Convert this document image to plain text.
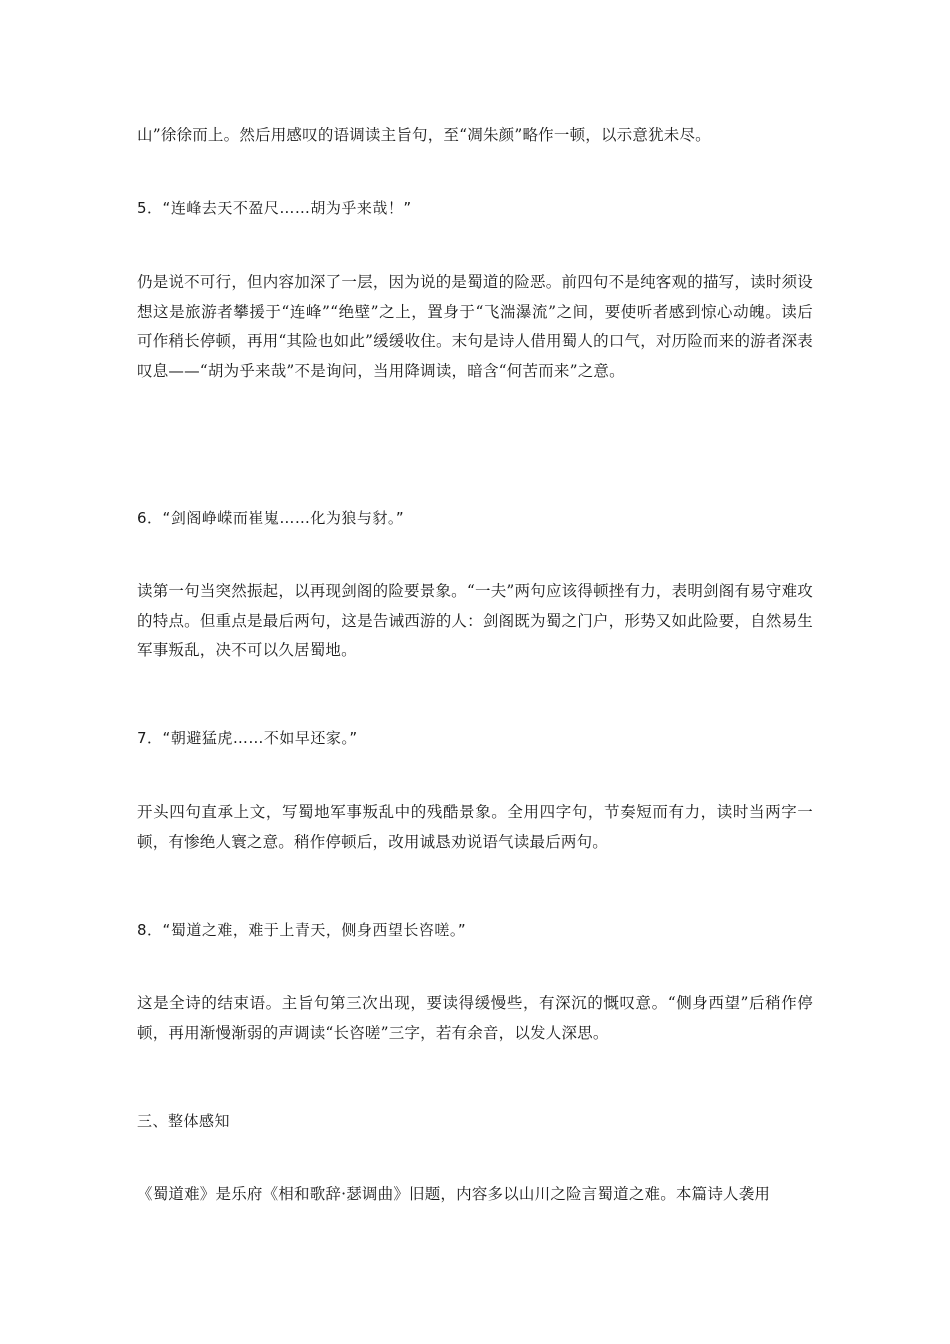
山”徐徐而上。然后用感叹的语调读主旨句，至“凋朱颜”略作一顿，以示意犹未尽。

5．“连峰去天不盈尺……胡为乎来哉！”

仍是说不可行，但内容加深了一层，因为说的是蜀道的险恶。前四句不是纯客观的描写，读时须设想这是旅游者攀援于“连峰”“绝壁”之上，置身于“飞湍瀑流”之间，要使听者感到惊心动魄。读后可作稍长停顿，再用“其险也如此”缓缓收住。末句是诗人借用蜀人的口气，对历险而来的游者深表叹息——“胡为乎来哉”不是询问，当用降调读，暗含“何苦而来”之意。

6．“剑阁峥嵘而崔嵬……化为狼与豺。”

读第一句当突然振起，以再现剑阁的险要景象。“一夫”两句应该得顿挫有力，表明剑阁有易守难攻的特点。但重点是最后两句，这是告诫西游的人：剑阁既为蜀之门户，形势又如此险要，自然易生军事叛乱，决不可以久居蜀地。

7．“朝避猛虎……不如早还家。”

开头四句直承上文，写蜀地军事叛乱中的残酷景象。全用四字句，节奏短而有力，读时当两字一顿，有惨绝人寰之意。稍作停顿后，改用诚恳劝说语气读最后两句。

8．“蜀道之难，难于上青天，侧身西望长咨嗟。”

这是全诗的结束语。主旨句第三次出现，要读得缓慢些，有深沉的慨叹意。“侧身西望”后稍作停顿，再用渐慢渐弱的声调读“长咨嗟”三字，若有余音，以发人深思。

三、整体感知

《蜀道难》是乐府《相和歌辞·瑟调曲》旧题，内容多以山川之险言蜀道之难。本篇诗人袭用
